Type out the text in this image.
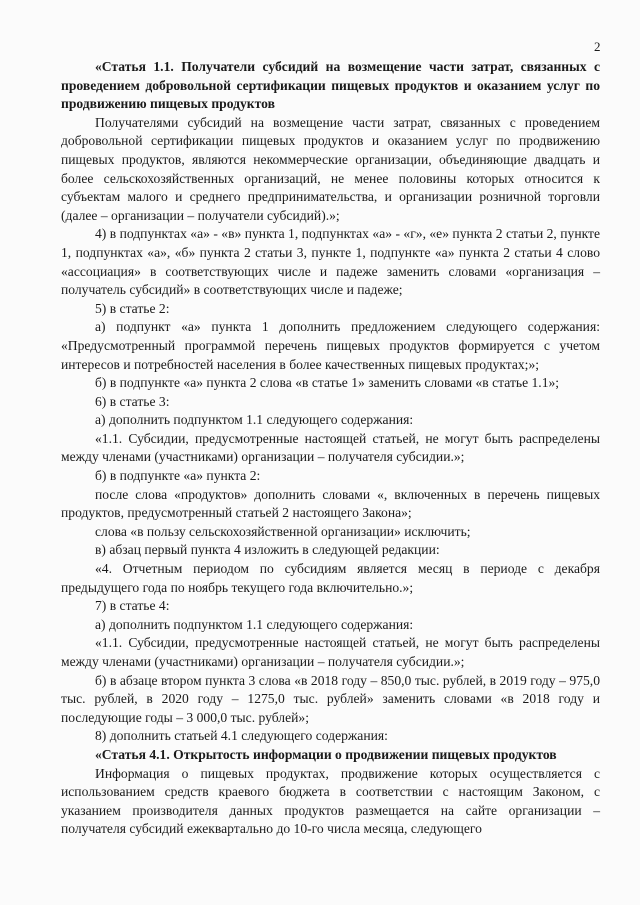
2

«Статья 1.1. Получатели субсидий на возмещение части затрат, связанных с проведением добровольной сертификации пищевых продуктов и оказанием услуг по продвижению пищевых продуктов

Получателями субсидий на возмещение части затрат, связанных с проведением добровольной сертификации пищевых продуктов и оказанием услуг по продвижению пищевых продуктов, являются некоммерческие организации, объединяющие двадцать и более сельскохозяйственных организаций, не менее половины которых относится к субъектам малого и среднего предпринимательства, и организации розничной торговли (далее – организации – получатели субсидий).»;

4) в подпунктах «а» - «в» пункта 1, подпунктах «а» - «г», «е» пункта 2 статьи 2, пункте 1, подпунктах «а», «б» пункта 2 статьи 3, пункте 1, подпункте «а» пункта 2 статьи 4 слово «ассоциация» в соответствующих числе и падеже заменить словами «организация – получатель субсидий» в соответствующих числе и падеже;

5) в статье 2:

а) подпункт «а» пункта 1 дополнить предложением следующего содержания: «Предусмотренный программой перечень пищевых продуктов формируется с учетом интересов и потребностей населения в более качественных пищевых продуктах;»;

б) в подпункте «а» пункта 2 слова «в статье 1» заменить словами «в статье 1.1»;

6) в статье 3:

а) дополнить подпунктом 1.1 следующего содержания:

«1.1. Субсидии, предусмотренные настоящей статьей, не могут быть распределены между членами (участниками) организации – получателя субсидии.»;

б) в подпункте «а» пункта 2:

после слова «продуктов» дополнить словами «, включенных в перечень пищевых продуктов, предусмотренный статьей 2 настоящего Закона»;

слова «в пользу сельскохозяйственной организации» исключить;

в) абзац первый пункта 4 изложить в следующей редакции:

«4. Отчетным периодом по субсидиям является месяц в периоде с декабря предыдущего года по ноябрь текущего года включительно.»;

7) в статье 4:

а) дополнить подпунктом 1.1 следующего содержания:

«1.1. Субсидии, предусмотренные настоящей статьей, не могут быть распределены между членами (участниками) организации – получателя субсидии.»;

б) в абзаце втором пункта 3 слова «в 2018 году – 850,0 тыс. рублей, в 2019 году – 975,0 тыс. рублей, в 2020 году – 1275,0 тыс. рублей» заменить словами «в 2018 году и последующие годы – 3 000,0 тыс. рублей»;

8) дополнить статьей 4.1 следующего содержания:

«Статья 4.1. Открытость информации о продвижении пищевых продуктов

Информация о пищевых продуктах, продвижение которых осуществляется с использованием средств краевого бюджета в соответствии с настоящим Законом, с указанием производителя данных продуктов размещается на сайте организации – получателя субсидий ежеквартально до 10-го числа месяца, следующего
